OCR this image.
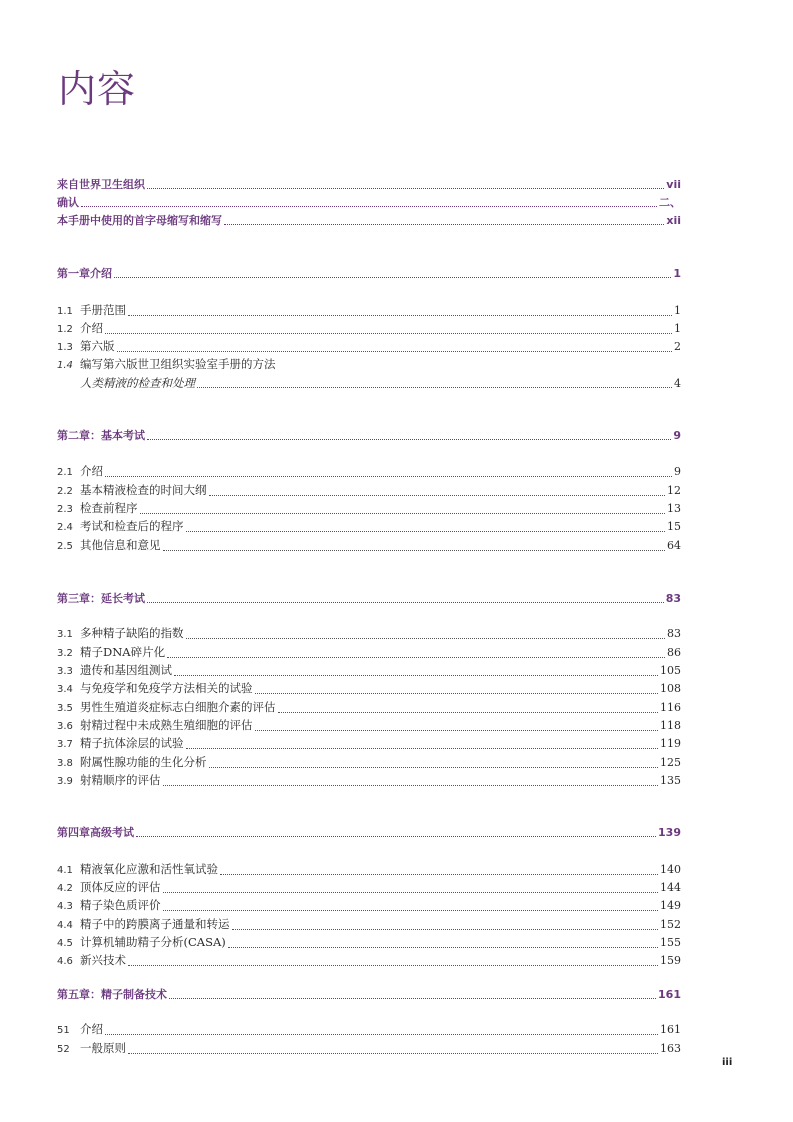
内容
来自世界卫生组织	vii
确认	二、
本手册中使用的首字母缩写和缩写	xii
第一章介绍	1
1.1 手册范围	1
1.2 介绍	1
1.3 第六版	2
1.4 编写第六版世卫组织实验室手册的方法
人类精液的检查和处理	4
第二章：基本考试	9
2.1 介绍	9
2.2 基本精液检查的时间大纲	12
2.3 检查前程序	13
2.4 考试和检查后的程序	15
2.5 其他信息和意见	64
第三章：延长考试	83
3.1 多种精子缺陷的指数	83
3.2 精子DNA碎片化	86
3.3 遗传和基因组测试	105
3.4 与免疫学和免疫学方法相关的试验	108
3.5 男性生殖道炎症标志白细胞介素的评估	116
3.6 射精过程中未成熟生殖细胞的评估	118
3.7 精子抗体涂层的试验	119
3.8 附属性腺功能的生化分析	125
3.9 射精顺序的评估	135
第四章高级考试	139
4.1 精液氧化应激和活性氧试验	140
4.2 顶体反应的评估	144
4.3 精子染色质评价	149
4.4 精子中的跨膜离子通量和转运	152
4.5 计算机辅助精子分析(CASA)	155
4.6 新兴技术	159
第五章：精子制备技术	161
51 介绍	161
52 一般原则	163
iii
